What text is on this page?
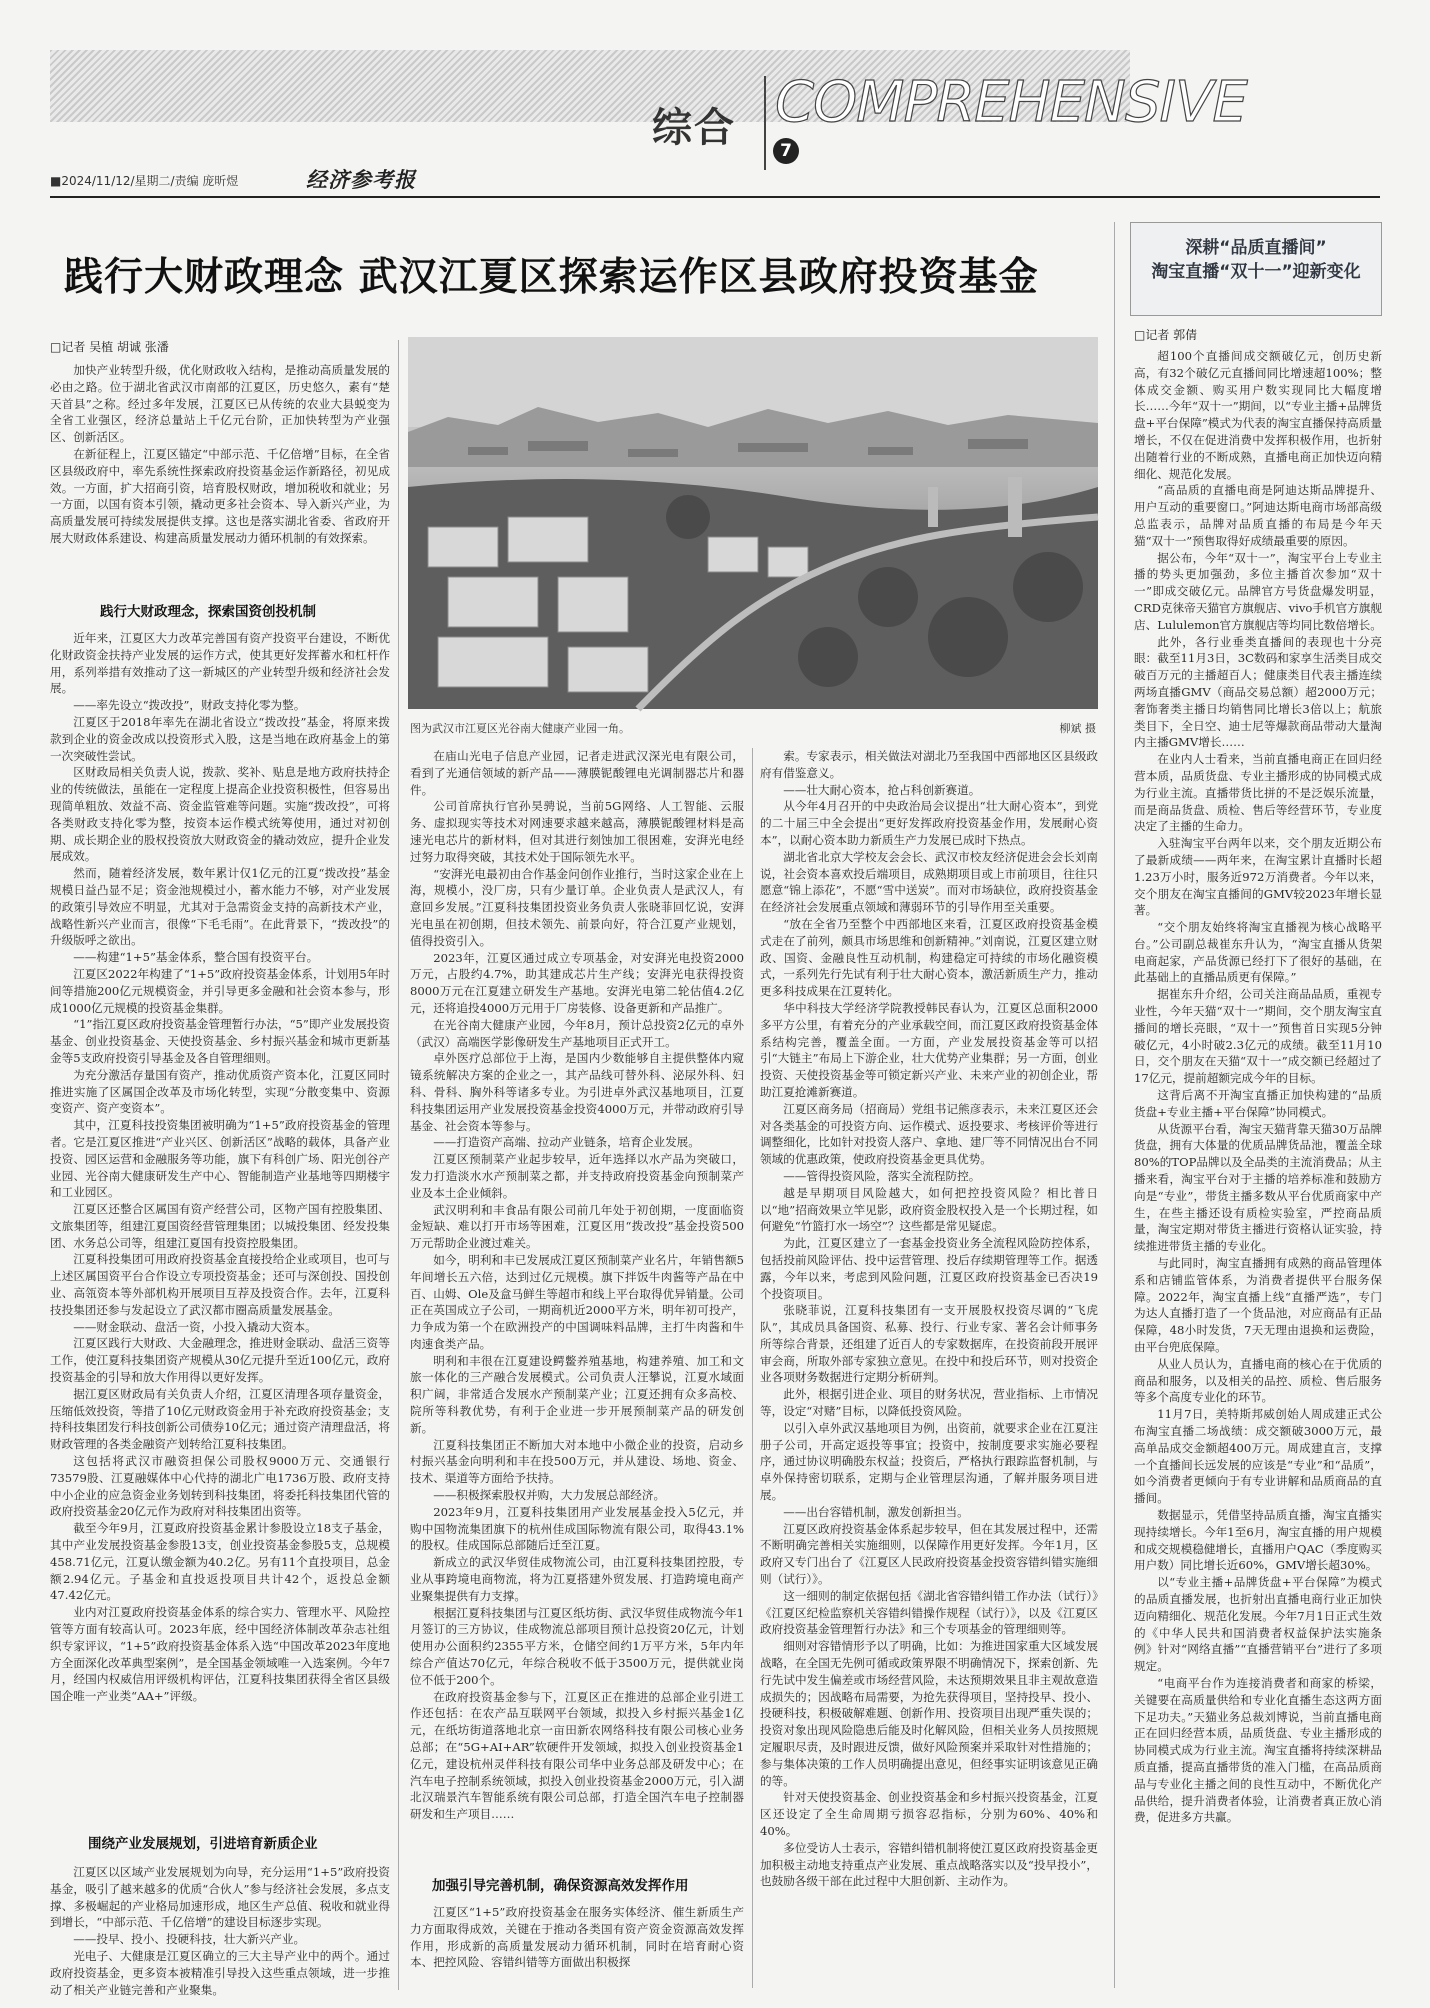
综合 COMPREHENSIVE
7
■2024/11/12/星期二/责编 庞昕煜	经济参考报
践行大财政理念 武汉江夏区探索运作区县政府投资基金
□记者 吴植 胡诚 张潘

加快产业转型升级，优化财政收入结构，是推动高质量发展的必由之路。位于湖北省武汉市南部的江夏区，历史悠久，素有“楚天首县”之称。经过多年发展，江夏区已从传统的农业大县蜕变为全省工业强区，经济总量站上千亿元台阶，正加快转型为产业强区、创新活区。

在新征程上，江夏区锚定“中部示范、千亿倍增”目标，在全省区县级政府中，率先系统性探索政府投资基金运作新路径，初见成效。一方面，扩大招商引资，培育股权财政，增加税收和就业；另一方面，以国有资本引领，撬动更多社会资本、导入新兴产业，为高质量发展可持续发展提供支撑。这也是落实湖北省委、省政府开展大财政体系建设、构建高质量发展动力循环机制的有效探索。

践行大财政理念，探索国资创投机制

近年来，江夏区大力改革完善国有资产投资平台建设，不断优化财政资金扶持产业发展的运作方式，使其更好发挥蓄水和杠杆作用，系列举措有效推动了这一新城区的产业转型升级和经济社会发展。

——率先设立“拨改投”，财政支持化零为整。

江夏区于2018年率先在湖北省设立“拨改投”基金，将原来拨款到企业的资金改成以投资形式入股，这是当地在政府基金上的第一次突破性尝试。

区财政局相关负责人说，拨款、奖补、贴息是地方政府扶持企业的传统做法，虽能在一定程度上提高企业投资积极性，但容易出现简单粗放、效益不高、资金监管难等问题。实施“拨改投”，可将各类财政支持化零为整，按资本运作模式统筹使用，通过对初创期、成长期企业的股权投资放大财政资金的撬动效应，提升企业发展成效。

然而，随着经济发展，数年累计仅1亿元的江夏“拨改投”基金规模日益凸显不足；资金池规模过小，蓄水能力不够，对产业发展的政策引导效应不明显，尤其对于急需资金支持的高新技术产业，战略性新兴产业而言，很像“下毛毛雨”。在此背景下，“拨改投”的升级版呼之欲出。

——构建“1+5”基金体系，整合国有投资平台。

江夏区2022年构建了“1+5”政府投资基金体系，计划用5年时间等措施200亿元规模资金，并引导更多金融和社会资本参与，形成1000亿元规模的投资基金集群。

“1”指江夏区政府投资基金管理暂行办法，“5”即产业发展投资基金、创业投资基金、天使投资基金、乡村振兴基金和城市更新基金等5支政府投资引导基金及各自管理细则。

为充分激活存量国有资产，推动优质资产资本化，江夏区同时推进实施了区属国企改革及市场化转型，实现“分散变集中、资源变资产、资产变资本”。

其中，江夏科技投资集团被明确为“1+5”政府投资基金的管理者。它是江夏区推进“产业兴区、创新活区”战略的载体，具备产业投资、园区运营和金融服务等功能，旗下有科创广场、阳光创谷产业园、光谷南大健康研发生产中心、智能制造产业基地等四期楼宇和工业园区。

江夏区还整合区属国有资产经营公司，区物产国有控股集团、文旅集团等，组建江夏国资经营管理集团；以城投集团、经发投集团、水务总公司等，组建江夏国有投资控股集团。

江夏科投集团可用政府投资基金直接投给企业或项目，也可与上述区属国资平台合作设立专项投资基金；还可与深创投、国投创业、高瓴资本等外部机构开展项目互荐及投资合作。去年，江夏科技投集团还参与发起设立了武汉都市圈高质量发展基金。

——财金联动、盘活一资，小投入撬动大资本。

江夏区践行大财政、大金融理念，推进财金联动、盘活三资等工作，使江夏科技集团资产规模从30亿元提升至近100亿元，政府投资基金的引导和放大作用得以更好发挥。

据江夏区财政局有关负责人介绍，江夏区清理各项存量资金，压缩低效投资，等措了10亿元财政资金用于补充政府投资基金；支持科技集团发行科技创新公司债券10亿元；通过资产清理盘活，将财政管理的各类金融资产划转给江夏科技集团。

这包括将武汉市融资担保公司股权9000万元、交通银行73579股、江夏融媒体中心代持的湖北广电1736万股、政府支持中小企业的应急资金业务划转到科技集团，将委托科技集团代管的政府投资基金20亿元作为政府对科技集团出资等。

截至今年9月，江夏政府投资基金累计参股设立18支子基金，其中产业发展投资基金参股13支，创业投资基金参股5支，总规模458.71亿元，江夏认缴金额为40.2亿。另有11个直投项目，总金额2.94亿元。子基金和直投返投项目共计42个，返投总金额47.42亿元。

业内对江夏政府投资基金体系的综合实力、管理水平、风险控管等方面有较高认可。2023年底，经中国经济体制改革杂志社组织专家评议，“1+5”政府投资基金体系入选“中国改革2023年度地方全面深化改革典型案例”，是全国基金领域唯一入选案例。今年7月，经国内权威信用评级机构评估，江夏科技集团获得全省区县级国企唯一产业类“AA+”评级。

围绕产业发展规划，引进培育新质企业

江夏区以区域产业发展规划为向导，充分运用“1+5”政府投资基金，吸引了越来越多的优质“合伙人”参与经济社会发展，多点支撑、多极崛起的产业格局加速形成，地区生产总值、税收和就业得到增长，“中部示范、千亿倍增”的建设目标逐步实现。

——投早、投小、投硬科技，壮大新兴产业。

光电子、大健康是江夏区确立的三大主导产业中的两个。通过政府投资基金，更多资本被精准引导投入这些重点领域，进一步推动了相关产业链完善和产业聚集。

图为武汉市江夏区光谷南大健康产业园一角。	柳斌 摄

在庙山光电子信息产业园，记者走进武汉深光电有限公司，看到了光通信领域的新产品——薄膜铌酸锂电光调制器芯片和器件。

公司首席执行官孙昊骋说，当前5G网络、人工智能、云服务、虚拟现实等技术对网速要求越来越高，薄膜铌酸锂材料是高速光电芯片的新材料，但对其进行刻蚀加工很困难，安湃光电经过努力取得突破，其技术处于国际领先水平。

“安湃光电最初由合作基金问创作业推行，当时这家企业在上海，规模小，没厂房，只有少量订单。企业负责人是武汉人，有意回乡发展。”江夏科技集团投资业务负责人张晓菲回忆说，安湃光电虽在初创期，但技术领先、前景向好，符合江夏产业规划，值得投资引入。

2023年，江夏区通过成立专项基金，对安湃光电投资2000万元，占股约4.7%，助其建成芯片生产线；安湃光电获得投资8000万元在江夏建立研发生产基地。安湃光电第二轮估值4.2亿元，还将追投4000万元用于厂房装修、设备更新和产品推广。

在光谷南大健康产业园，今年8月，预计总投资2亿元的卓外（武汉）高端医学影像研发生产基地项目正式开工。

卓外医疗总部位于上海，是国内少数能够自主提供整体内窥镜系统解决方案的企业之一，其产品线可替外科、泌尿外科、妇科、骨科、胸外科等诸多专业。为引进卓外武汉基地项目，江夏科技集团运用产业发展投资基金投资4000万元，并带动政府引导基金、社会资本等参与。

——打造资产高端、拉动产业链条，培育企业发展。

江夏区预制菜产业起步较早，近年选择以水产品为突破口，发力打造淡水水产预制菜之都，并支持政府投资基金向预制菜产业及本土企业倾斜。

武汉明利和丰食品有限公司前几年处于初创期，一度面临资金短缺、难以打开市场等困难，江夏区用“拨改投”基金投资500万元帮助企业渡过难关。

如今，明利和丰已发展成江夏区预制菜产业名片，年销售额5年间增长五六倍，达到过亿元规模。旗下拌饭牛肉酱等产品在中百、山姆、Ole及盒马鲜生等超市和线上平台取得优异销量。公司正在英国成立子公司，一期商机近2000平方米，明年初可投产，力争成为第一个在欧洲投产的中国调味料品牌，主打牛肉酱和牛肉速食类产品。

明利和丰很在江夏建设鳄鳖养殖基地，构建养殖、加工和文旅一体化的三产融合发展模式。公司负责人汪攀说，江夏水域面积广阔，非常适合发展水产预制菜产业；江夏还拥有众多高校、院所等科教优势，有利于企业进一步开展预制菜产品的研发创新。

江夏科技集团正不断加大对本地中小微企业的投资，启动乡村振兴基金向明利和丰在投500万元，并从建设、场地、资金、技术、渠道等方面给予扶持。

——积极探索股权并购，大力发展总部经济。

2023年9月，江夏科技集团用产业发展基金投入5亿元，并购中国物流集团旗下的杭州佳成国际物流有限公司，取得43.1%的股权。佳成国际总部随后迁至江夏。

新成立的武汉华贸佳成物流公司，由江夏科技集团控股，专业从事跨境电商物流，将为江夏搭建外贸发展、打造跨境电商产业聚集提供有力支撑。

根据江夏科技集团与江夏区纸坊街、武汉华贸佳成物流今年1月签订的三方协议，佳成物流总部项目预计总投资20亿元，计划使用办公面积约2355平方米，仓储空间约1万平方米，5年内年综合产值达70亿元，年综合税收不低于3500万元，提供就业岗位不低于200个。

在政府投资基金参与下，江夏区正在推进的总部企业引进工作还包括：在农产品互联网平台领域，拟投入乡村振兴基金1亿元，在纸坊街道落地北京一亩田新农网络科技有限公司核心业务总部；在“5G+AI+AR”软硬件开发领域，拟投入创业投资基金1亿元，建设杭州灵伴科技有限公司华中业务总部及研发中心；在汽车电子控制系统领域，拟投入创业投资基金2000万元，引入湖北汉瑞景汽车智能系统有限公司总部，打造全国汽车电子控制器研发和生产项目……

加强引导完善机制，确保资源高效发挥作用

江夏区“1+5”政府投资基金在服务实体经济、催生新质生产力方面取得成效，关键在于推动各类国有资产资金资源高效发挥作用，形成新的高质量发展动力循环机制，同时在培育耐心资本、把控风险、容错纠错等方面做出积极探

索。专家表示，相关做法对湖北乃至我国中西部地区区县级政府有借鉴意义。

——壮大耐心资本，抢占科创新赛道。

从今年4月召开的中央政治局会议提出“壮大耐心资本”，到党的二十届三中全会提出“更好发挥政府投资基金作用，发展耐心资本”，以耐心资本助力新质生产力发展已成时下热点。

湖北省北京大学校友会会长、武汉市校友经济促进会会长刘南说，社会资本喜欢投后端项目，成熟期项目或上市前项目，往往只愿意“锦上添花”，不愿“雪中送炭”。而对市场缺位，政府投资基金在经济社会发展重点领域和薄弱环节的引导作用至关重要。

“放在全省乃至整个中西部地区来看，江夏区政府投资基金模式走在了前列，颇具市场思维和创新精神。”刘南说，江夏区建立财政、国资、金融良性互动机制，构建稳定可持续的市场化融资模式，一系列先行先试有利于壮大耐心资本，激活新质生产力，推动更多科技成果在江夏转化。

华中科技大学经济学院教授韩民春认为，江夏区总面积2000多平方公里，有着充分的产业承载空间，而江夏区政府投资基金体系结构完善，覆盖全面。一方面，产业发展投资基金等可以招引“大链主”布局上下游企业，壮大优势产业集群；另一方面，创业投资、天使投资基金等可锁定新兴产业、未来产业的初创企业，帮助江夏抢滩新赛道。

江夏区商务局（招商局）党组书记熊彦表示，未来江夏区还会对各类基金的可投资方向、运作模式、返投要求、考核评价等进行调整细化，比如针对投资人落户、拿地、建厂等不同情况出台不同领域的优惠政策，使政府投资基金更具优势。

——管得投资风险，落实全流程防控。

越是早期项目风险越大，如何把控投资风险？相比普日以“地”招商效果立竿见影，政府资金股权投入是一个长期过程，如何避免“竹篮打水一场空”？这些都是常见疑虑。

为此，江夏区建立了一套基金投资业务全流程风险防控体系，包括投前风险评估、投中运营管理、投后存续期管理等工作。据透露，今年以来，考虑到风险问题，江夏区政府投资基金已否决19个投资项目。

张晓菲说，江夏科技集团有一支开展股权投资尽调的“飞虎队”，其成员具备国资、私募、投行、行业专家、著名会计师事务所等综合背景，还组建了近百人的专家数据库，在投资前段开展评审会商，所取外部专家独立意见。在投中和投后环节，则对投资企业各项财务数据进行定期分析研判。

此外，根据引进企业、项目的财务状况，营业指标、上市情况等，设定“对赌”目标，以降低投资风险。

以引入卓外武汉基地项目为例，出资前，就要求企业在江夏注册子公司，开高定返投等事宜；投资中，按制度要求实施必要程序，通过协议明确股东权益；投资后，严格执行跟踪监督机制，与卓外保持密切联系，定期与企业管理层沟通，了解并服务项目进展。

——出台容错机制，激发创新担当。

江夏区政府投资基金体系起步较早，但在其发展过程中，还需不断明确完善相关实施细则，以保障作用更好发挥。今年1月，区政府又专门出台了《江夏区人民政府投资基金投资容错纠错实施细则（试行）》。

这一细则的制定依据包括《湖北省容错纠错工作办法（试行）》《江夏区纪检监察机关容错纠错操作规程（试行）》，以及《江夏区政府投资基金管理暂行办法》和三个专项基金的管理细则等。

细则对容错情形予以了明确，比如：为推进国家重大区域发展战略，在全国无先例可循或政策界限不明确情况下，探索创新、先行先试中发生偏差或市场经营风险，未达预期效果且非主观故意造成损失的；因战略布局需要，为抢先获得项目，坚持投早、投小、投硬科技，积极破解难题、创新作用、投资项目出现严重失误的；投资对象出现风险隐患后能及时化解风险，但相关业务人员按照规定履职尽责，及时跟进反馈，做好风险预案并采取针对性措施的；参与集体决策的工作人员明确提出意见，但经事实证明该意见正确的等。

针对天使投资基金、创业投资基金和乡村振兴投资基金，江夏区还设定了全生命周期亏损容忍指标，分别为60%、40%和40%。

多位受访人士表示，容错纠错机制将使江夏区政府投资基金更加积极主动地支持重点产业发展、重点战略落实以及“投早投小”，也鼓励各级干部在此过程中大胆创新、主动作为。

深耕“品质直播间”
淘宝直播“双十一”迎新变化
□记者 郭倩

超100个直播间成交额破亿元，创历史新高，有32个破亿元直播间同比增速超100%；整体成交金额、购买用户数实现同比大幅度增长……今年“双十一”期间，以“专业主播+品牌货盘+平台保障”模式为代表的淘宝直播保持高质量增长，不仅在促进消费中发挥积极作用，也折射出随着行业的不断成熟，直播电商正加快迈向精细化、规范化发展。

“高品质的直播电商是阿迪达斯品牌提升、用户互动的重要窗口。”阿迪达斯电商市场部高级总监表示，品牌对品质直播的布局是今年天猫“双十一”预售取得好成绩最重要的原因。

据公布，今年“双十一”，淘宝平台上专业主播的势头更加强劲，多位主播首次参加“双十一”即成交破亿元。品牌官方号货盘爆发明显，CRD克徕帝天猫官方旗舰店、vivo手机官方旗舰店、Lululemon官方旗舰店等均同比数倍增长。

此外，各行业垂类直播间的表现也十分亮眼：截至11月3日，3C数码和家享生活类目成交破百万元的主播超百人；健康类目代表主播连续两场直播GMV（商品交易总额）超2000万元；奢饰奢类主播日均销售同比增长3倍以上；航旅类目下，全日空、迪士尼等爆款商品带动大量淘内主播GMV增长……

在业内人士看来，当前直播电商正在回归经营本质，品质货盘、专业主播形成的协同模式成为行业主流。直播带货比拼的不是泛娱乐流量，而是商品货盘、质检、售后等经营环节，专业度决定了主播的生命力。

入驻淘宝平台两年以来，交个朋友近期公布了最新成绩——两年来，在淘宝累计直播时长超1.23万小时，服务近972万消费者。今年以来，交个朋友在淘宝直播间的GMV较2023年增长显著。

“交个朋友始终将淘宝直播视为核心战略平台。”公司副总裁崔东升认为，“淘宝直播从货架电商起家，产品货源已经打下了很好的基础，在此基础上的直播品质更有保障。”

据崔东升介绍，公司关注商品品质，重视专业性，今年天猫“双十一”期间，交个朋友淘宝直播间的增长亮眼，“双十一”预售首日实现5分钟破亿元，4小时破2.3亿元的成绩。截至11月10日，交个朋友在天猫“双十一”成交额已经超过了17亿元，提前超额完成今年的目标。

这背后离不开淘宝直播正加快构建的“品质货盘+专业主播+平台保障”协同模式。

从货源平台看，淘宝天猫背靠天猫30万品牌货盘，拥有大体量的优质品牌货品池，覆盖全球80%的TOP品牌以及全品类的主流消费品；从主播来看，淘宝平台对于主播的培养标准和鼓励方向是“专业”，带货主播多数从平台优质商家中产生，在些主播还设有质检实验室，严控商品质量，淘宝定期对带货主播进行资格认证实验，持续推进带货主播的专业化。

与此同时，淘宝直播拥有成熟的商品管理体系和店铺监管体系，为消费者提供平台服务保障。2022年，淘宝直播上线“直播严选”，专门为达人直播打造了一个货品池，对应商品有正品保障，48小时发货，7天无理由退换和运费险，由平台兜底保障。

从业人员认为，直播电商的核心在于优质的商品和服务，以及相关的品控、质检、售后服务等多个高度专业化的环节。

11月7日，美特斯邦威创始人周成建正式公布淘宝直播二场战绩：成交额破3000万元，最高单品成交金额超400万元。周成建直言，支撑一个直播间长远发展的应该是“专业”和“品质”，如今消费者更倾向于有专业讲解和品质商品的直播间。

数据显示，凭借坚持品质直播，淘宝直播实现持续增长。今年1至6月，淘宝直播的用户规模和成交规模稳健增长，直播用户QAC（季度购买用户数）同比增长近60%，GMV增长超30%。

以“专业主播+品牌货盘+平台保障”为模式的品质直播发展，也折射出直播电商行业正加快迈向精细化、规范化发展。今年7月1日正式生效的《中华人民共和国消费者权益保护法实施条例》针对“网络直播”“直播营销平台”进行了多项规定。

“电商平台作为连接消费者和商家的桥梁，关键要在高质量供给和专业化直播生态这两方面下足功夫。”天猫业务总裁刘博说，当前直播电商正在回归经营本质，品质货盘、专业主播形成的协同模式成为行业主流。淘宝直播将持续深耕品质直播，提高直播带货的准入门槛，在高品质商品与专业化主播之间的良性互动中，不断优化产品供给，提升消费者体验，让消费者真正放心消费，促进多方共赢。
